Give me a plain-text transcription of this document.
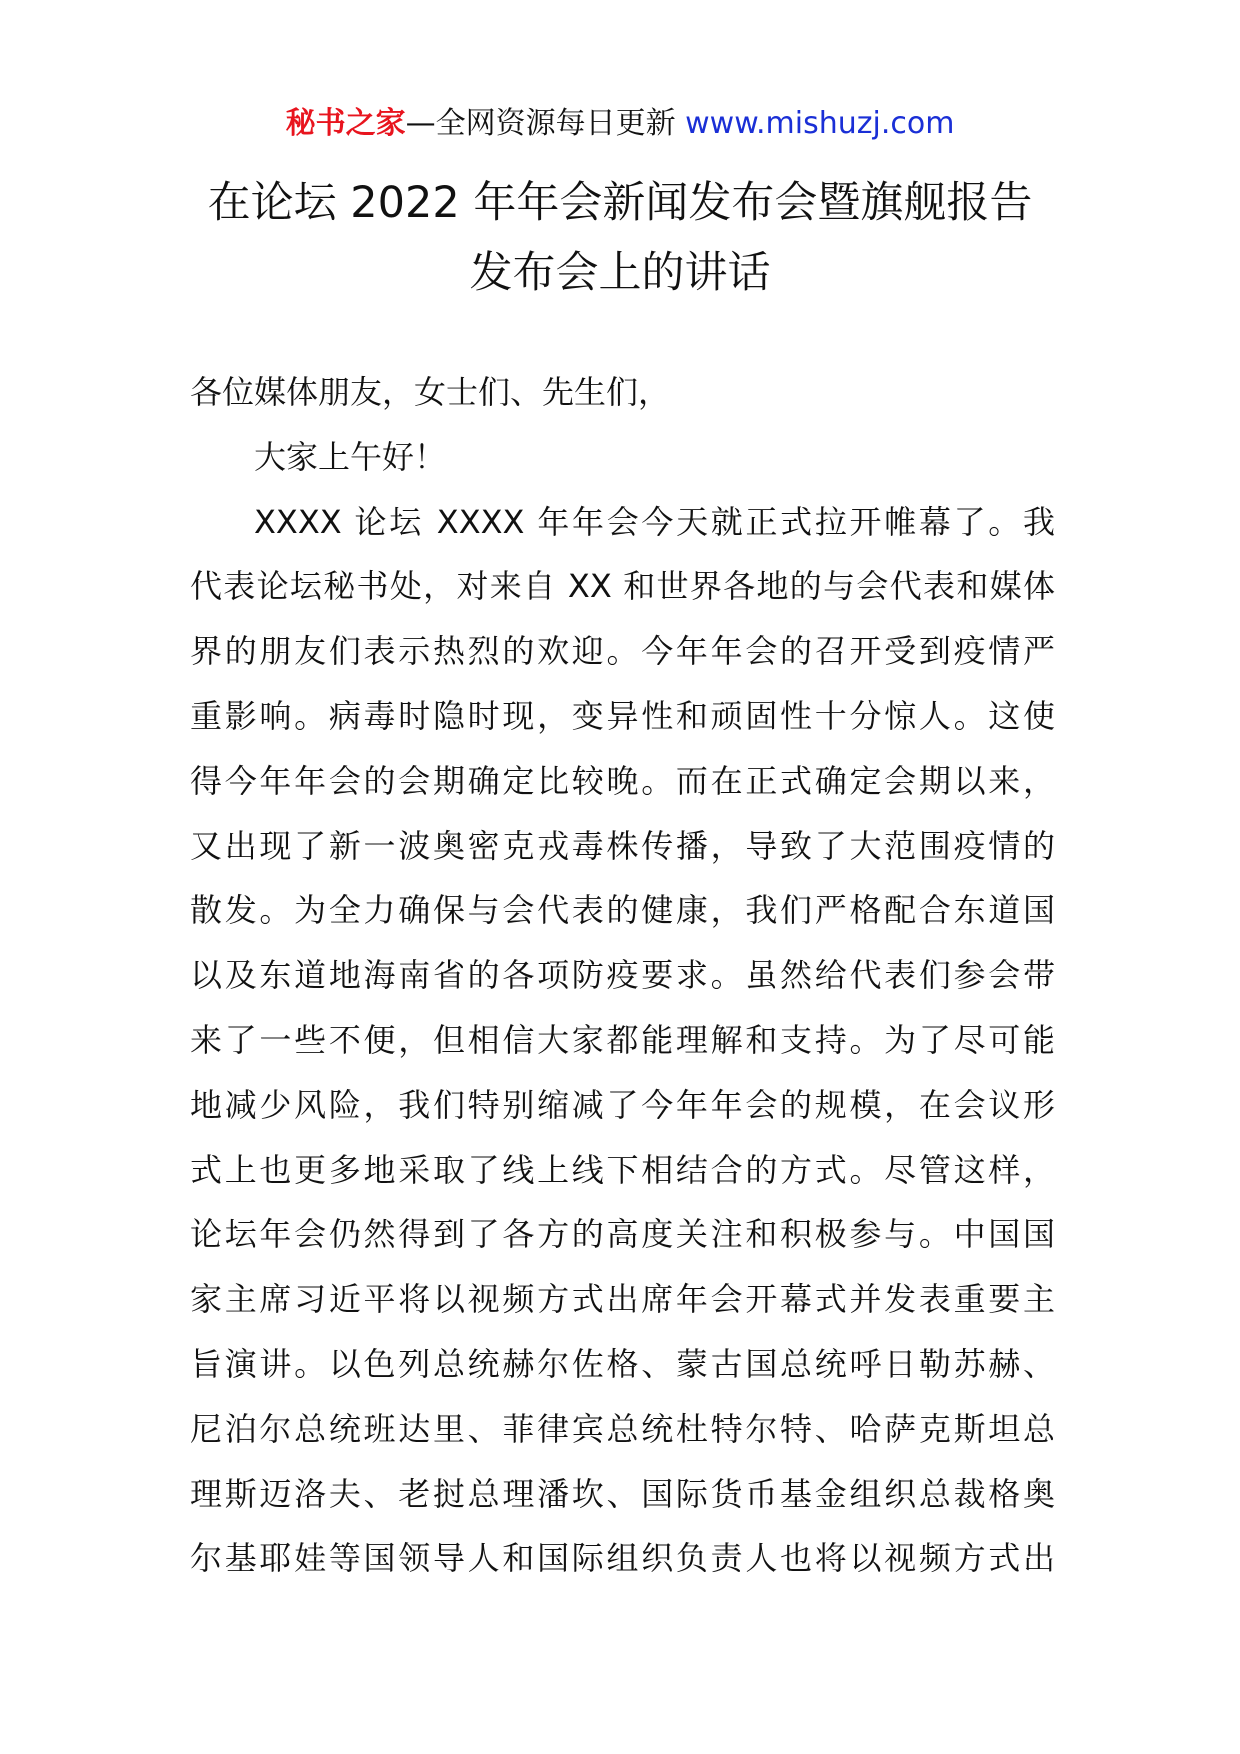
秘书之家—全网资源每日更新 www.mishuzj.com
在论坛 2022 年年会新闻发布会暨旗舰报告
发布会上的讲话
各位媒体朋友，女士们、先生们，
大家上午好！
XXXX 论坛 XXXX 年年会今天就正式拉开帷幕了。我
代表论坛秘书处，对来自 XX 和世界各地的与会代表和媒体
界的朋友们表示热烈的欢迎。今年年会的召开受到疫情严
重影响。病毒时隐时现，变异性和顽固性十分惊人。这使
得今年年会的会期确定比较晚。而在正式确定会期以来，
又出现了新一波奥密克戎毒株传播，导致了大范围疫情的
散发。为全力确保与会代表的健康，我们严格配合东道国
以及东道地海南省的各项防疫要求。虽然给代表们参会带
来了一些不便，但相信大家都能理解和支持。为了尽可能
地减少风险，我们特别缩减了今年年会的规模，在会议形
式上也更多地采取了线上线下相结合的方式。尽管这样，
论坛年会仍然得到了各方的高度关注和积极参与。中国国
家主席习近平将以视频方式出席年会开幕式并发表重要主
旨演讲。以色列总统赫尔佐格、蒙古国总统呼日勒苏赫、
尼泊尔总统班达里、菲律宾总统杜特尔特、哈萨克斯坦总
理斯迈洛夫、老挝总理潘坎、国际货币基金组织总裁格奥
尔基耶娃等国领导人和国际组织负责人也将以视频方式出
